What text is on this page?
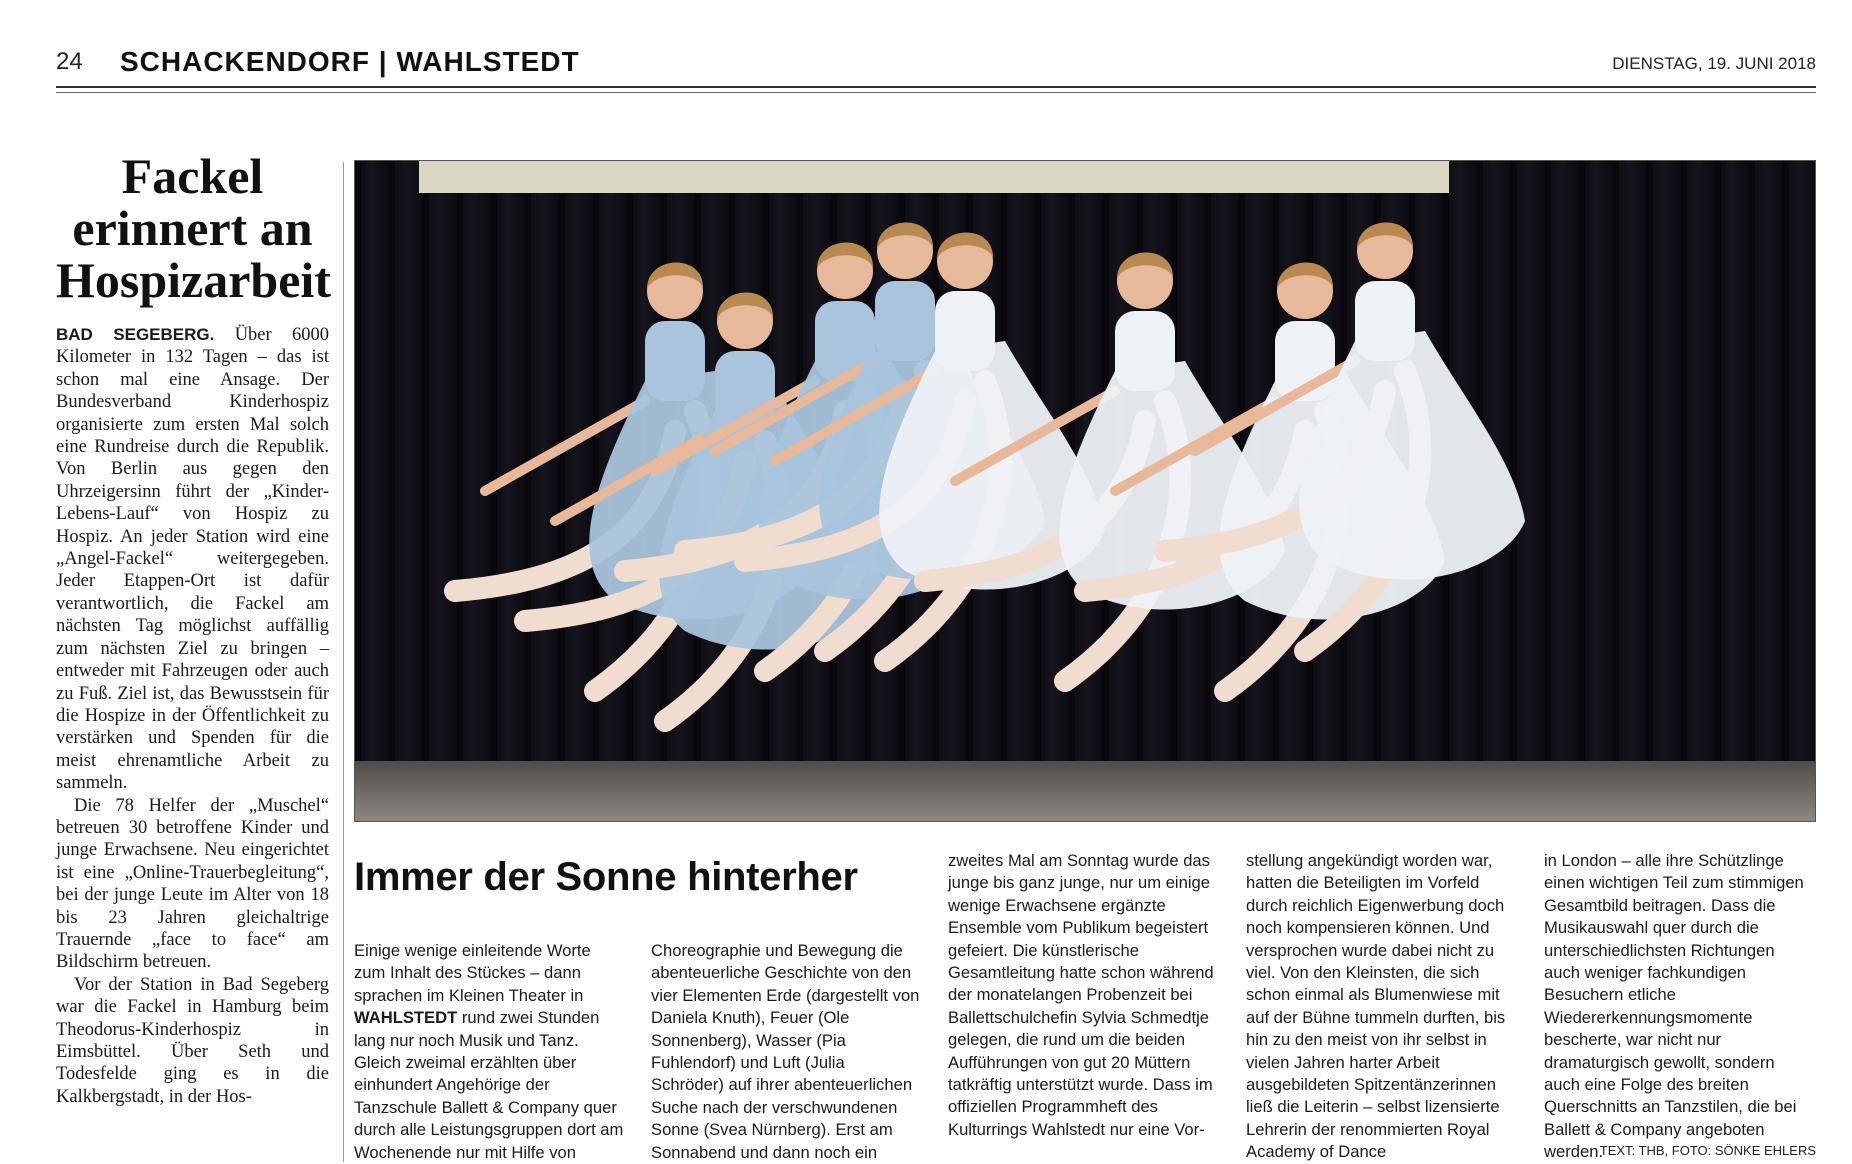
24 SCHACKENDORF | WAHLSTEDT	DIENSTAG, 19. JUNI 2018
Fackel
erinnert an
Hospizarbeit

BAD SEGEBERG. Über 6000 Kilometer in 132 Tagen – das ist schon mal eine Ansage. Der Bundesverband Kinderhospiz organisierte zum ersten Mal solch eine Rundreise durch die Republik. Von Berlin aus gegen den Uhrzeigersinn führt der „Kinder-Lebens-Lauf“ von Hospiz zu Hospiz. An jeder Station wird eine „Angel-Fackel“ weitergegeben. Jeder Etappen-Ort ist dafür verantwortlich, die Fackel am nächsten Tag möglichst auffällig zum nächsten Ziel zu bringen – entweder mit Fahrzeugen oder auch zu Fuß. Ziel ist, das Bewusstsein für die Hospize in der Öffentlichkeit zu verstärken und Spenden für die meist ehrenamtliche Arbeit zu sammeln.

Die 78 Helfer der „Muschel“ betreuen 30 betroffene Kinder und junge Erwachsene. Neu eingerichtet ist eine „Online-Trauerbegleitung“, bei der junge Leute im Alter von 18 bis 23 Jahren gleichaltrige Trauernde „face to face“ am Bildschirm betreuen.

Vor der Station in Bad Segeberg war die Fackel in Hamburg beim Theodorus-Kinderhospiz in Eimsbüttel. Über Seth und Todesfelde ging es in die Kalkbergstadt, in der Hos-

Immer der Sonne hinterher

Einige wenige einleitende Worte zum Inhalt des Stückes – dann sprachen im Kleinen Theater in WAHLSTEDT rund zwei Stunden lang nur noch Musik und Tanz. Gleich zweimal erzählten über einhundert Angehörige der Tanzschule Ballett & Company quer durch alle Leistungsgruppen dort am Wochenende nur mit Hilfe von

Choreographie und Bewegung die abenteuerliche Geschichte von den vier Elementen Erde (dargestellt von Daniela Knuth), Feuer (Ole Sonnenberg), Wasser (Pia Fuhlendorf) und Luft (Julia Schröder) auf ihrer abenteuerlichen Suche nach der verschwundenen Sonne (Svea Nürnberg). Erst am Sonnabend und dann noch ein

zweites Mal am Sonntag wurde das junge bis ganz junge, nur um einige wenige Erwachsene ergänzte Ensemble vom Publikum begeistert gefeiert. Die künstlerische Gesamtleitung hatte schon während der monatelangen Probenzeit bei Ballettschulchefin Sylvia Schmedtje gelegen, die rund um die beiden Aufführungen von gut 20 Müttern tatkräftig unterstützt wurde. Dass im offiziellen Programmheft des Kulturrings Wahlstedt nur eine Vor-

stellung angekündigt worden war, hatten die Beteiligten im Vorfeld durch reichlich Eigenwerbung doch noch kompensieren können. Und versprochen wurde dabei nicht zu viel. Von den Kleinsten, die sich schon einmal als Blumenwiese mit auf der Bühne tummeln durften, bis hin zu den meist von ihr selbst in vielen Jahren harter Arbeit ausgebildeten Spitzentänzerinnen ließ die Leiterin – selbst lizensierte Lehrerin der renommierten Royal Academy of Dance

in London – alle ihre Schützlinge einen wichtigen Teil zum stimmigen Gesamtbild beitragen. Dass die Musikauswahl quer durch die unterschiedlichsten Richtungen auch weniger fachkundigen Besuchern etliche Wiedererkennungsmomente bescherte, war nicht nur dramaturgisch gewollt, sondern auch eine Folge des breiten Querschnitts an Tanzstilen, die bei Ballett & Company angeboten werden.

TEXT: THB, FOTO: SÖNKE EHLERS
